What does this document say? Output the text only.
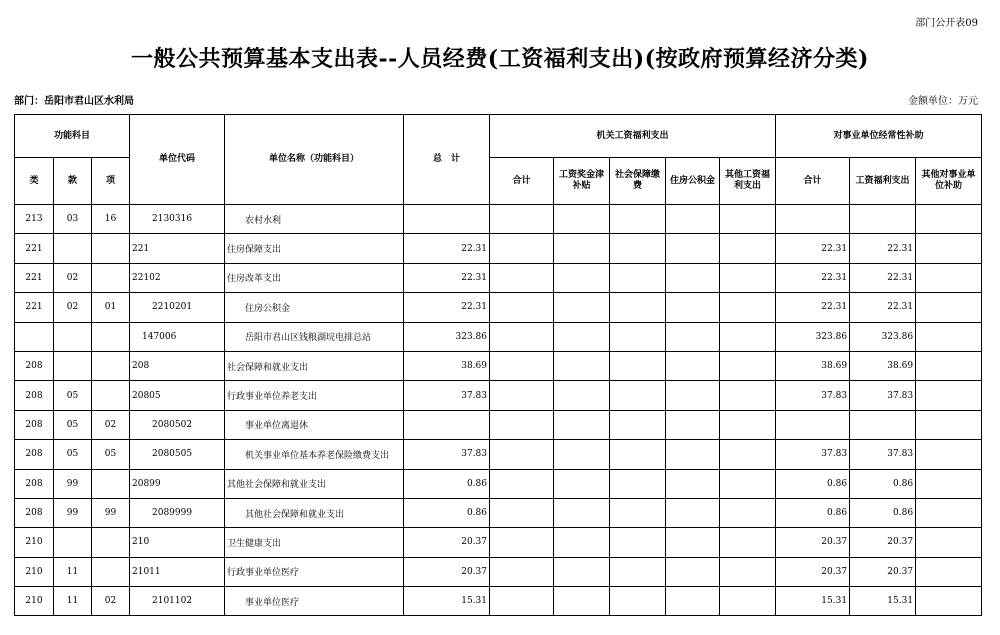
部门公开表09
一般公共预算基本支出表--人员经费(工资福利支出)(按政府预算经济分类)
部门：岳阳市君山区水利局	金额单位：万元
功能科目			单位代码	单位名称（功能科目）	总　计	机关工资福利支出					对事业单位经常性补助		
类	款	项				合计	工资奖金津补贴	社会保障缴费	住房公积金	其他工资福利支出	合计	工资福利支出	其他对事业单位补助
213	03	16	2130316	农村水利									
221			221	住房保障支出	22.31						22.31	22.31	
221	02		22102	住房改革支出	22.31						22.31	22.31	
221	02	01	2210201	住房公积金	22.31						22.31	22.31	
			147006	岳阳市君山区钱粮湖垸电排总站	323.86						323.86	323.86	
208			208	社会保障和就业支出	38.69						38.69	38.69	
208	05		20805	行政事业单位养老支出	37.83						37.83	37.83	
208	05	02	2080502	事业单位离退休									
208	05	05	2080505	机关事业单位基本养老保险缴费支出	37.83						37.83	37.83	
208	99		20899	其他社会保障和就业支出	0.86						0.86	0.86	
208	99	99	2089999	其他社会保障和就业支出	0.86						0.86	0.86	
210			210	卫生健康支出	20.37						20.37	20.37	
210	11		21011	行政事业单位医疗	20.37						20.37	20.37	
210	11	02	2101102	事业单位医疗	15.31						15.31	15.31	
